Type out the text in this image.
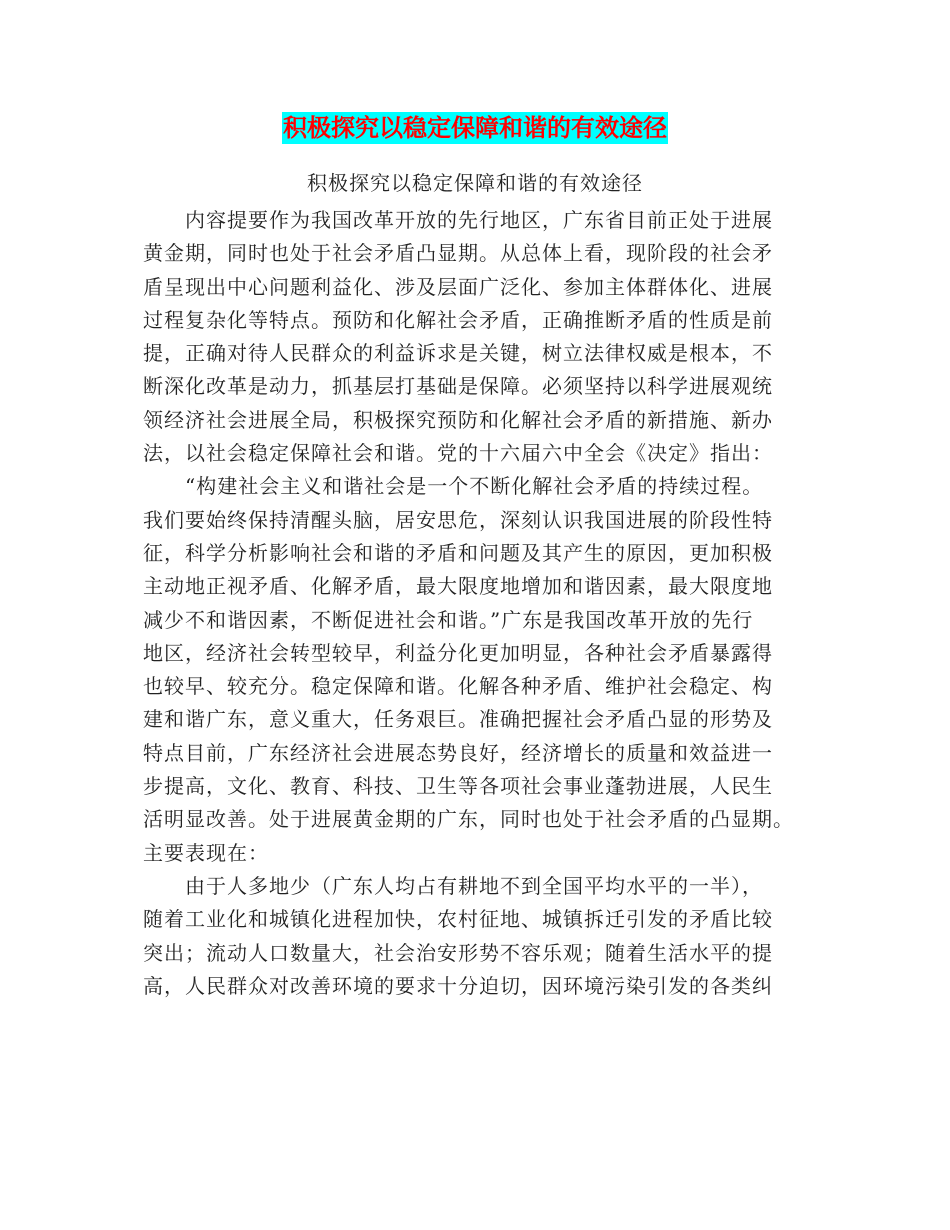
积极探究以稳定保障和谐的有效途径
积极探究以稳定保障和谐的有效途径

　　内容提要作为我国改革开放的先行地区，广东省目前正处于进展
黄金期，同时也处于社会矛盾凸显期。从总体上看，现阶段的社会矛
盾呈现出中心问题利益化、涉及层面广泛化、参加主体群体化、进展
过程复杂化等特点。预防和化解社会矛盾，正确推断矛盾的性质是前
提，正确对待人民群众的利益诉求是关键，树立法律权威是根本，不
断深化改革是动力，抓基层打基础是保障。必须坚持以科学进展观统
领经济社会进展全局，积极探究预防和化解社会矛盾的新措施、新办
法，以社会稳定保障社会和谐。党的十六届六中全会《决定》指出：

　　“构建社会主义和谐社会是一个不断化解社会矛盾的持续过程。
我们要始终保持清醒头脑，居安思危，深刻认识我国进展的阶段性特
征，科学分析影响社会和谐的矛盾和问题及其产生的原因，更加积极
主动地正视矛盾、化解矛盾，最大限度地增加和谐因素，最大限度地
减少不和谐因素，不断促进社会和谐。”广东是我国改革开放的先行
地区，经济社会转型较早，利益分化更加明显，各种社会矛盾暴露得
也较早、较充分。稳定保障和谐。化解各种矛盾、维护社会稳定、构
建和谐广东，意义重大，任务艰巨。准确把握社会矛盾凸显的形势及
特点目前，广东经济社会进展态势良好，经济增长的质量和效益进一
步提高，文化、教育、科技、卫生等各项社会事业蓬勃进展，人民生
活明显改善。处于进展黄金期的广东，同时也处于社会矛盾的凸显期。
主要表现在：

　　由于人多地少（广东人均占有耕地不到全国平均水平的一半），
随着工业化和城镇化进程加快，农村征地、城镇拆迁引发的矛盾比较
突出；流动人口数量大，社会治安形势不容乐观；随着生活水平的提
高，人民群众对改善环境的要求十分迫切，因环境污染引发的各类纠
